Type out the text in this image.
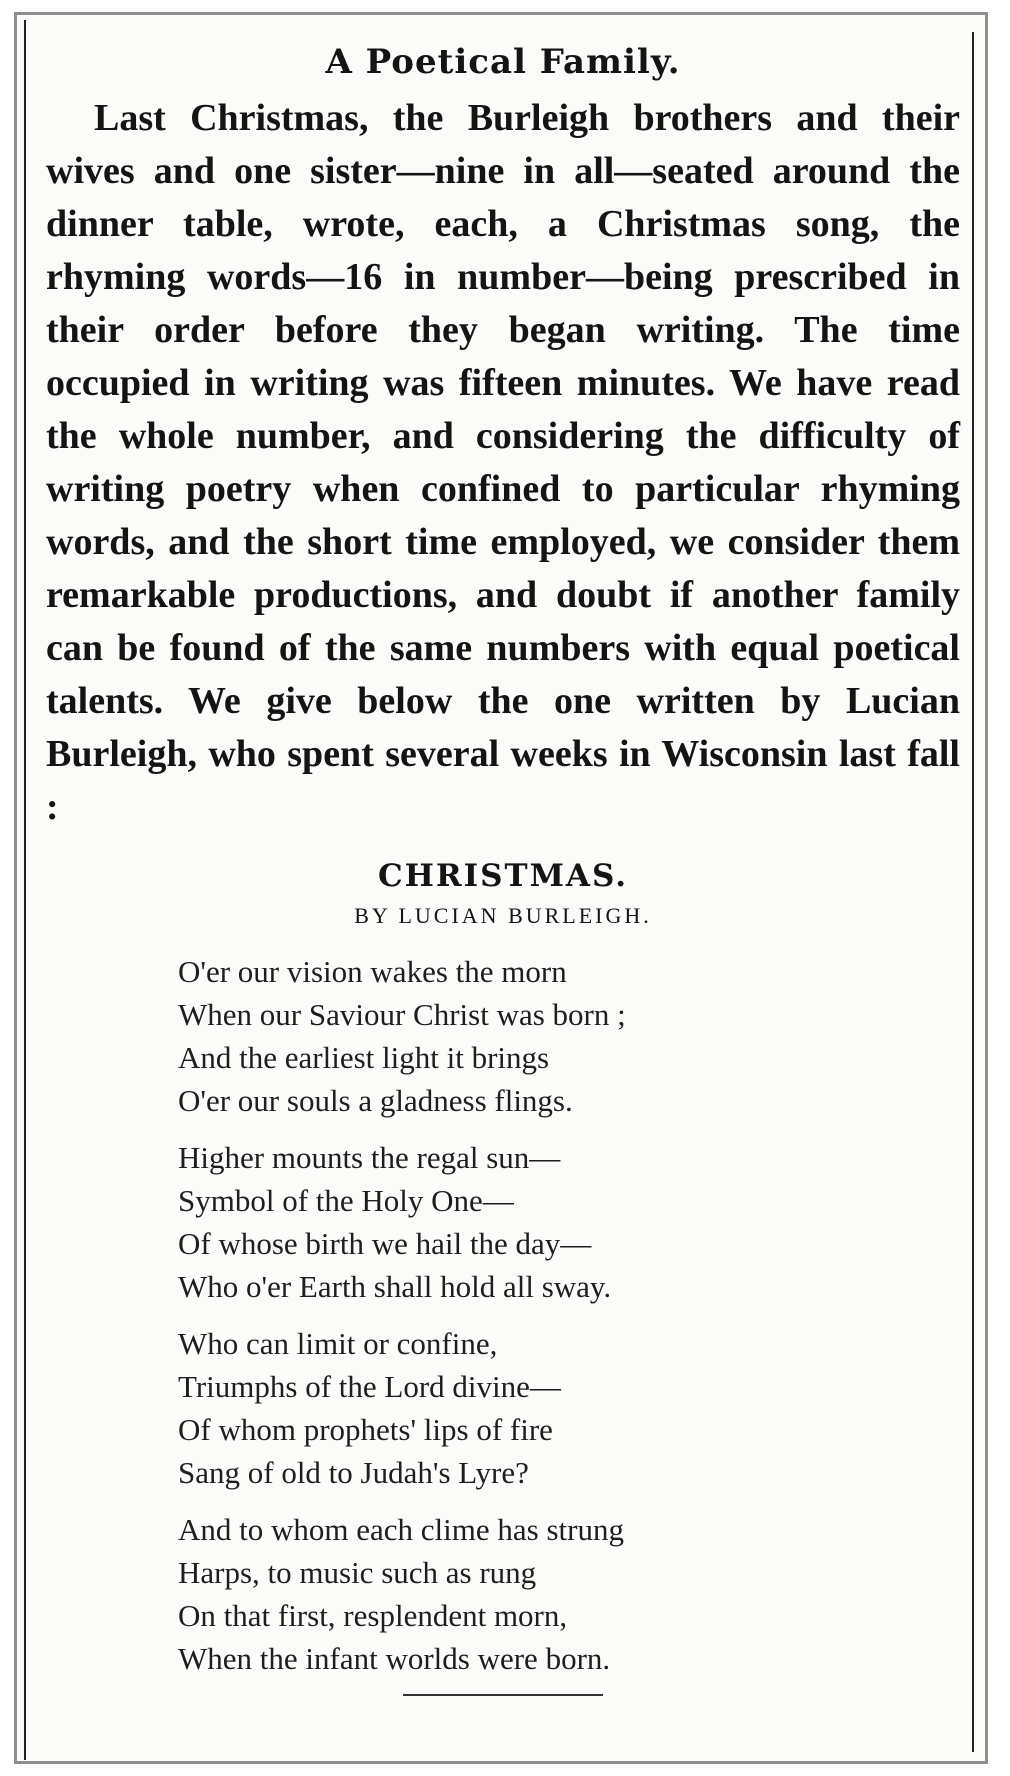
A Poetical Family.

Last Christmas, the Burleigh brothers and their wives and one sister—nine in all—seated around the dinner table, wrote, each, a Christmas song, the rhyming words—16 in number—being prescribed in their order before they began writing. The time occupied in writing was fifteen minutes. We have read the whole number, and considering the difficulty of writing poetry when confined to particular rhyming words, and the short time employed, we consider them remarkable productions, and doubt if another family can be found of the same numbers with equal poetical talents. We give below the one written by Lucian Burleigh, who spent several weeks in Wisconsin last fall :

CHRISTMAS.
BY LUCIAN BURLEIGH.
O'er our vision wakes the morn
When our Saviour Christ was born ;
And the earliest light it brings
O'er our souls a gladness flings.
Higher mounts the regal sun—
Symbol of the Holy One—
Of whose birth we hail the day—
Who o'er Earth shall hold all sway.
Who can limit or confine,
Triumphs of the Lord divine—
Of whom prophets' lips of fire
Sang of old to Judah's Lyre?
And to whom each clime has strung
Harps, to music such as rung
On that first, resplendent morn,
When the infant worlds were born.
